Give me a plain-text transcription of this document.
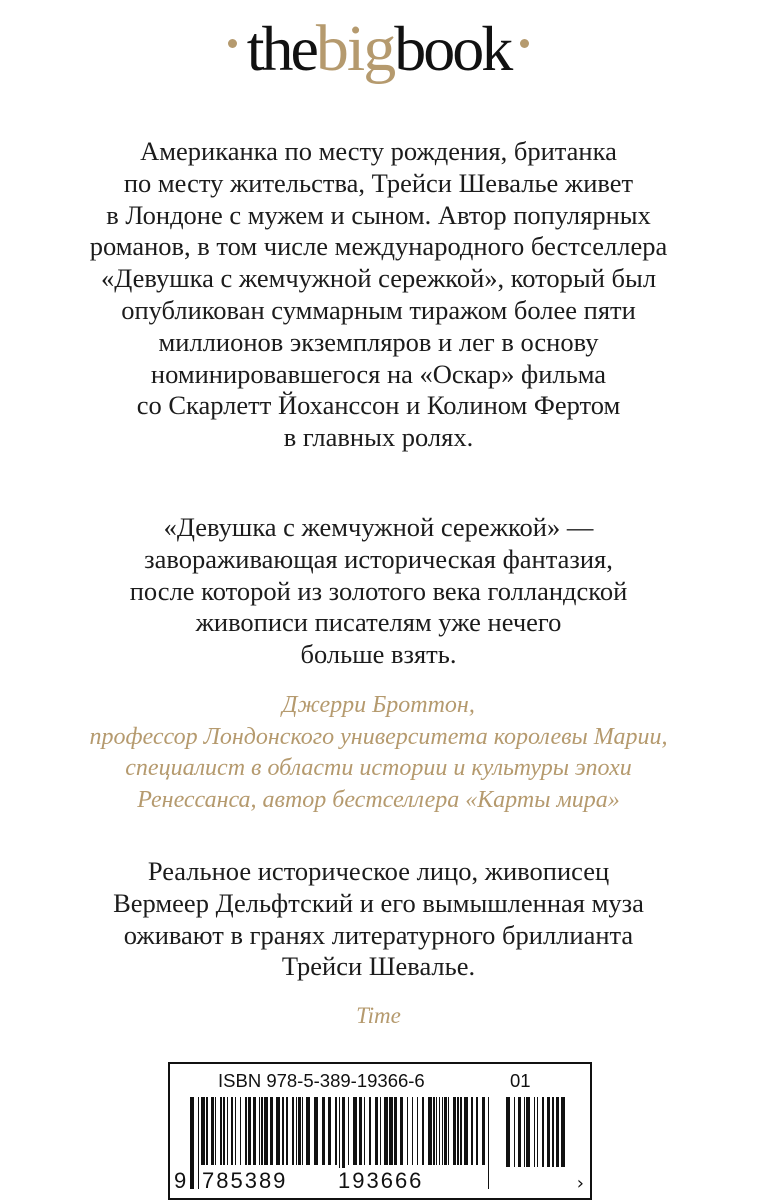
thebigbook
Американка по месту рождения, британка
по месту жительства, Трейси Шевалье живет
в Лондоне с мужем и сыном. Автор популярных
романов, в том числе международного бестселлера
«Девушка с жемчужной сережкой», который был
опубликован суммарным тиражом более пяти
миллионов экземпляров и лег в основу
номинировавшегося на «Оскар» фильма
со Скарлетт Йоханссон и Колином Фертом
в главных ролях.
«Девушка с жемчужной сережкой» —
завораживающая историческая фантазия,
после которой из золотого века голландской
живописи писателям уже нечего
больше взять.
Джерри Броттон,
профессор Лондонского университета королевы Марии,
специалист в области истории и культуры эпохи
Ренессанса, автор бестселлера «Карты мира»
Реальное историческое лицо, живописец
Вермеер Дельфтский и его вымышленная муза
оживают в гранях литературного бриллианта
Трейси Шевалье.
Time
ISBN 978-5-389-19366-6	01
9 785389 193666	›
